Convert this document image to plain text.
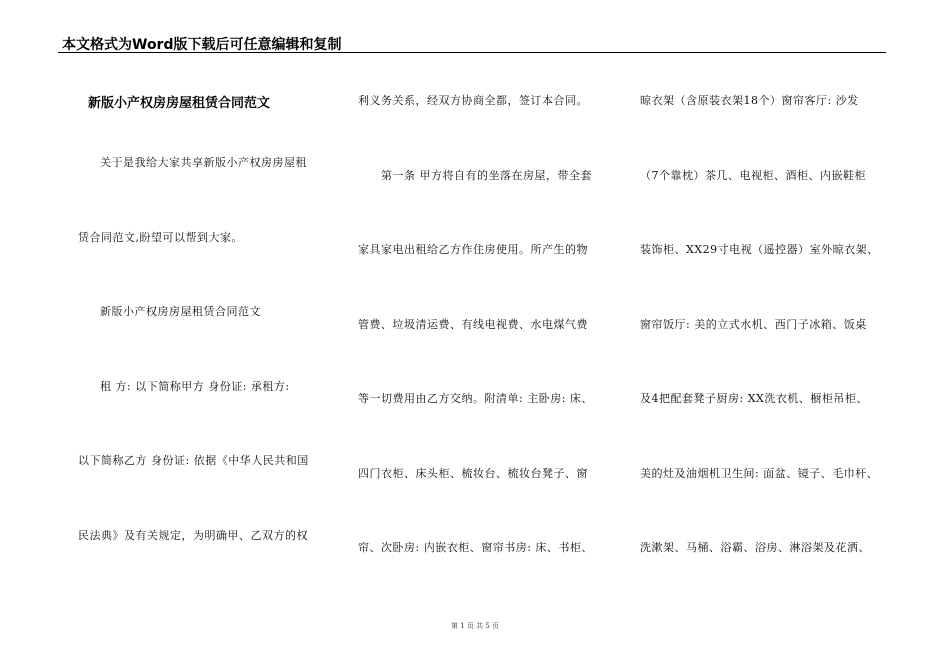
本文格式为Word版下载后可任意编辑和复制
新版小产权房房屋租赁合同范文
关于是我给大家共享新版小产权房房屋租
赁合同范文,盼望可以帮到大家。
新版小产权房房屋租赁合同范文
租 方: 以下简称甲方 身份证: 承租方:
以下简称乙方 身份证: 依据《中华人民共和国
民法典》及有关规定，为明确甲、乙双方的权
利义务关系，经双方协商全都，签订本合同。
第一条 甲方将自有的坐落在房屋，带全套
家具家电出租给乙方作住房使用。所产生的物
管费、垃圾清运费、有线电视费、水电煤气费
等一切费用由乙方交纳。附清单: 主卧房: 床、
四门衣柜、床头柜、梳妆台、梳妆台凳子、窗
帘、次卧房: 内嵌衣柜、窗帘书房: 床、书柜、
晾衣架（含原装衣架18个）窗帘客厅: 沙发
（7个靠枕）茶几、电视柜、酒柜、内嵌鞋柜
装饰柜、XX29寸电视（遥控器）室外晾衣架、
窗帘饭厅: 美的立式水机、西门子冰箱、饭桌
及4把配套凳子厨房: XX洗衣机、橱柜吊柜、
美的灶及油烟机卫生间: 面盆、镜子、毛巾杆、
洗漱架、马桶、浴霸、浴房、淋浴架及花洒、
第 1 页 共 5 页
